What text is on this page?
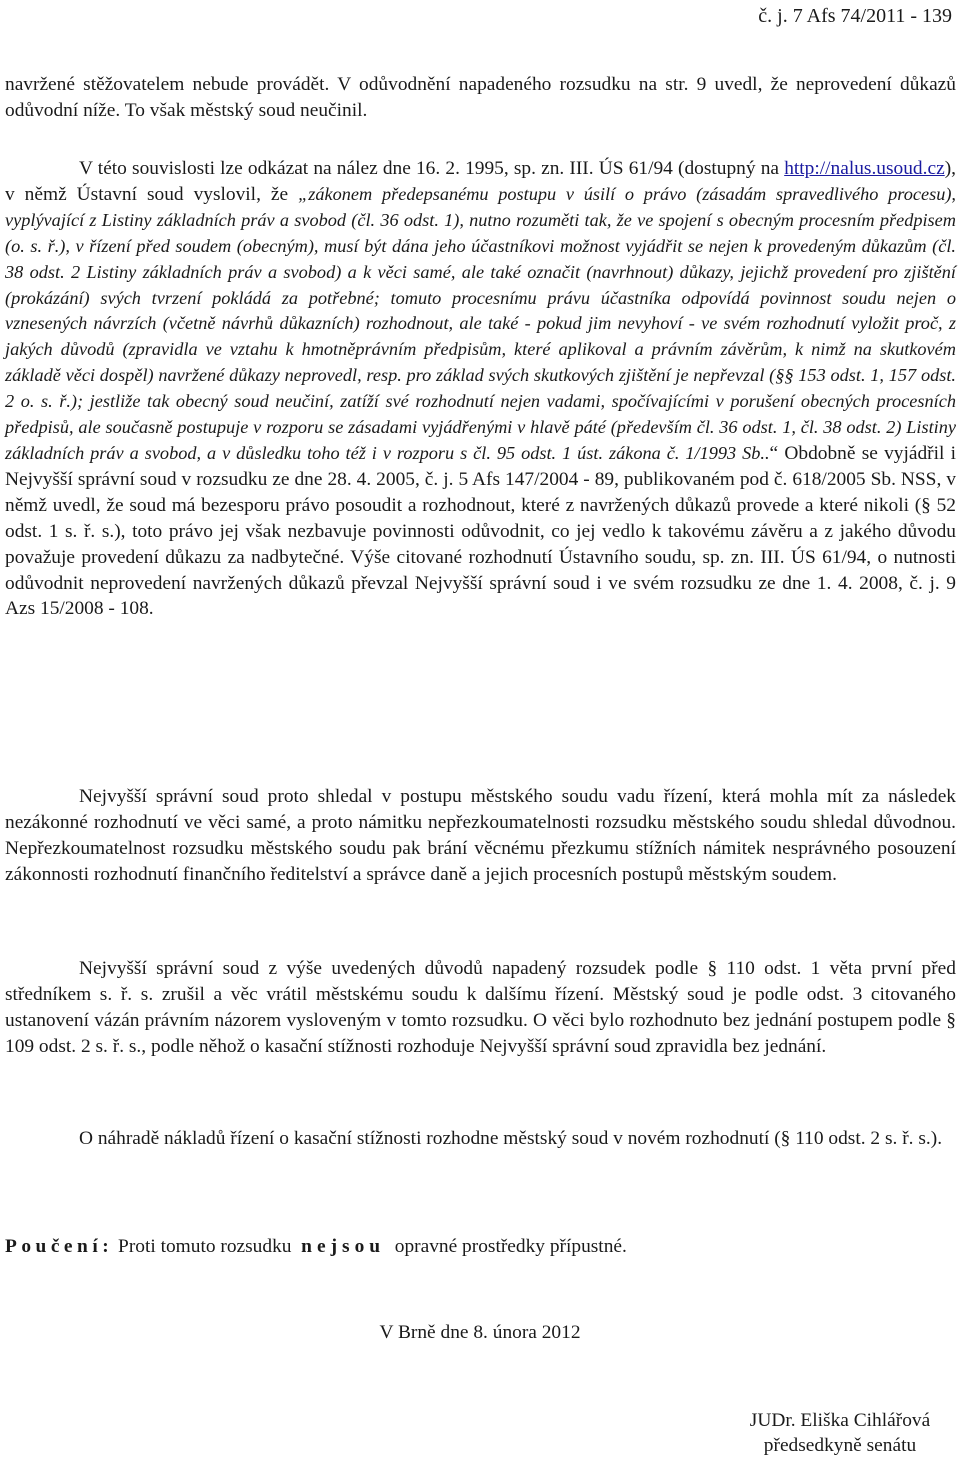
č. j. 7 Afs 74/2011 - 139

navržené stěžovatelem nebude provádět. V odůvodnění napadeného rozsudku na str. 9 uvedl, že neprovedení důkazů odůvodní níže. To však městský soud neučinil.

V této souvislosti lze odkázat na nález dne 16. 2. 1995, sp. zn. III. ÚS 61/94 (dostupný na http://nalus.usoud.cz), v němž Ústavní soud vyslovil, že „zákonem předepsanému postupu v úsilí o právo (zásadám spravedlivého procesu), vyplývající z Listiny základních práv a svobod (čl. 36 odst. 1), nutno rozuměti tak, že ve spojení s obecným procesním předpisem (o. s. ř.), v řízení před soudem (obecným), musí být dána jeho účastníkovi možnost vyjádřit se nejen k provedeným důkazům (čl. 38 odst. 2 Listiny základních práv a svobod) a k věci samé, ale také označit (navrhnout) důkazy, jejichž provedení pro zjištění (prokázání) svých tvrzení pokládá za potřebné; tomuto procesnímu právu účastníka odpovídá povinnost soudu nejen o vznesených návrzích (včetně návrhů důkazních) rozhodnout, ale také - pokud jim nevyhoví - ve svém rozhodnutí vyložit proč, z jakých důvodů (zpravidla ve vztahu k hmotněprávním předpisům, které aplikoval a právním závěrům, k nimž na skutkovém základě věci dospěl) navržené důkazy neprovedl, resp. pro základ svých skutkových zjištění je nepřevzal (§§ 153 odst. 1, 157 odst. 2 o. s. ř.); jestliže tak obecný soud neučiní, zatíží své rozhodnutí nejen vadami, spočívajícími v porušení obecných procesních předpisů, ale současně postupuje v rozporu se zásadami vyjádřenými v hlavě páté (především čl. 36 odst. 1, čl. 38 odst. 2) Listiny základních práv a svobod, a v důsledku toho též i v rozporu s čl. 95 odst. 1 úst. zákona č. 1/1993 Sb..“ Obdobně se vyjádřil i Nejvyšší správní soud v rozsudku ze dne 28. 4. 2005, č. j. 5 Afs 147/2004 - 89, publikovaném pod č. 618/2005 Sb. NSS, v němž uvedl, že soud má bezesporu právo posoudit a rozhodnout, které z navržených důkazů provede a které nikoli (§ 52 odst. 1 s. ř. s.), toto právo jej však nezbavuje povinnosti odůvodnit, co jej vedlo k takovému závěru a z jakého důvodu považuje provedení důkazu za nadbytečné. Výše citované rozhodnutí Ústavního soudu, sp. zn. III. ÚS 61/94, o nutnosti odůvodnit neprovedení navržených důkazů převzal Nejvyšší správní soud i ve svém rozsudku ze dne 1. 4. 2008, č. j. 9 Azs 15/2008 - 108.

Nejvyšší správní soud proto shledal v postupu městského soudu vadu řízení, která mohla mít za následek nezákonné rozhodnutí ve věci samé, a proto námitku nepřezkoumatelnosti rozsudku městského soudu shledal důvodnou. Nepřezkoumatelnost rozsudku městského soudu pak brání věcnému přezkumu stížních námitek nesprávného posouzení zákonnosti rozhodnutí finančního ředitelství a správce daně a jejich procesních postupů městským soudem.

Nejvyšší správní soud z výše uvedených důvodů napadený rozsudek podle § 110 odst. 1 věta první před středníkem s. ř. s. zrušil a věc vrátil městskému soudu k dalšímu řízení. Městský soud je podle odst. 3 citovaného ustanovení vázán právním názorem vysloveným v tomto rozsudku. O věci bylo rozhodnuto bez jednání postupem podle § 109 odst. 2 s. ř. s., podle něhož o kasační stížnosti rozhoduje Nejvyšší správní soud zpravidla bez jednání.

O náhradě nákladů řízení o kasační stížnosti rozhodne městský soud v novém rozhodnutí (§ 110 odst. 2 s. ř. s.).

Poučení: Proti tomuto rozsudku nejsou opravné prostředky přípustné.
V Brně dne 8. února 2012
JUDr. Eliška Cihlářová
předsedkyně senátu
